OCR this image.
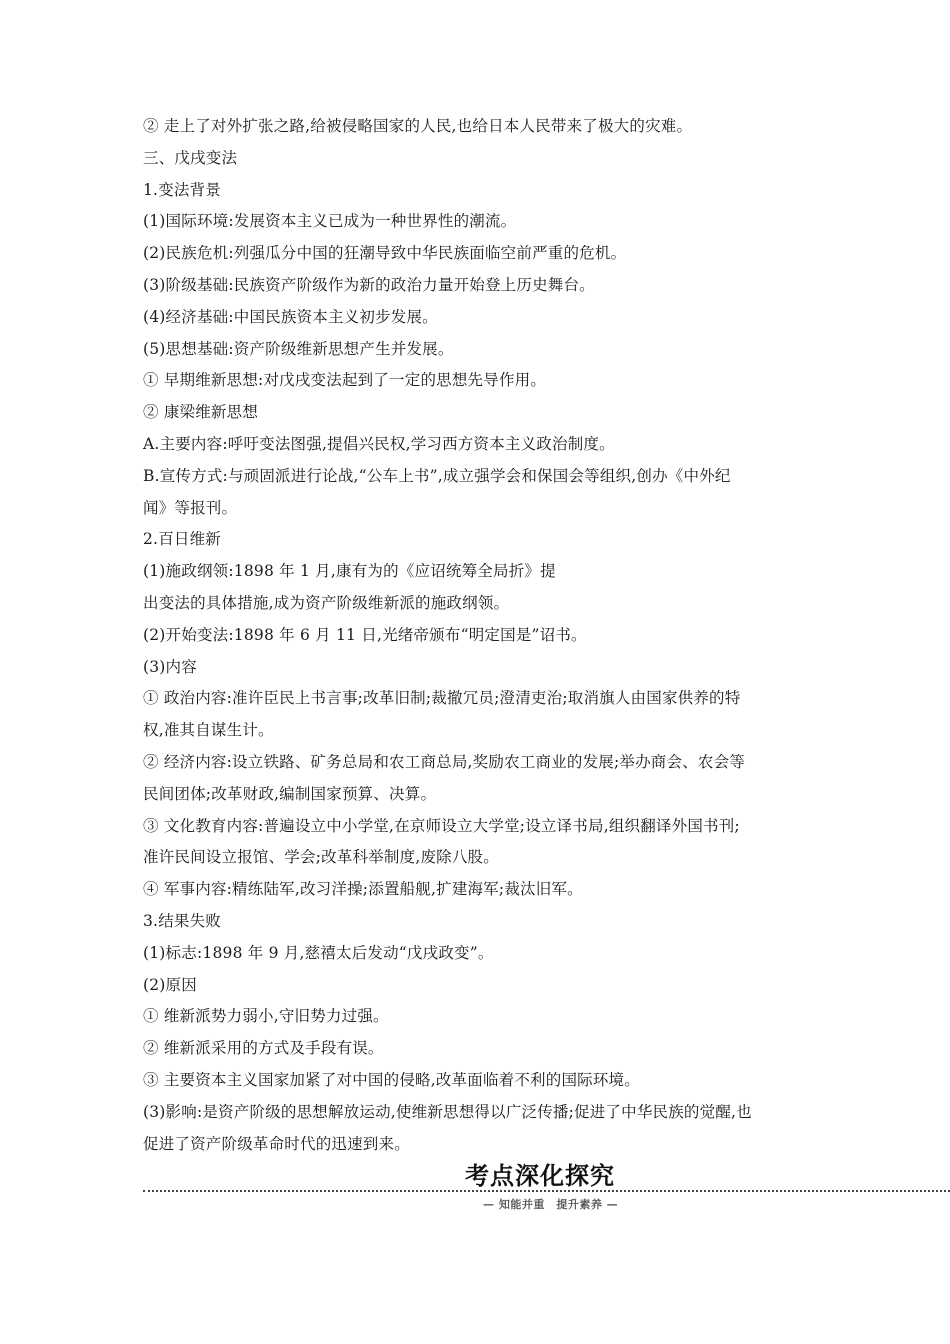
② 走上了对外扩张之路,给被侵略国家的人民,也给日本人民带来了极大的灾难。
三、戊戌变法
1.变法背景
(1)国际环境:发展资本主义已成为一种世界性的潮流。
(2)民族危机:列强瓜分中国的狂潮导致中华民族面临空前严重的危机。
(3)阶级基础:民族资产阶级作为新的政治力量开始登上历史舞台。
(4)经济基础:中国民族资本主义初步发展。
(5)思想基础:资产阶级维新思想产生并发展。
① 早期维新思想:对戊戌变法起到了一定的思想先导作用。
② 康梁维新思想
A.主要内容:呼吁变法图强,提倡兴民权,学习西方资本主义政治制度。
B.宣传方式:与顽固派进行论战,“公车上书”,成立强学会和保国会等组织,创办《中外纪
闻》等报刊。
2.百日维新
(1)施政纲领:1898 年 1 月,康有为的《应诏统筹全局折》提
出变法的具体措施,成为资产阶级维新派的施政纲领。
(2)开始变法:1898 年 6 月 11 日,光绪帝颁布“明定国是”诏书。
(3)内容
① 政治内容:准许臣民上书言事;改革旧制;裁撤冗员;澄清吏治;取消旗人由国家供养的特
权,准其自谋生计。
② 经济内容:设立铁路、矿务总局和农工商总局,奖励农工商业的发展;举办商会、农会等
民间团体;改革财政,编制国家预算、决算。
③ 文化教育内容:普遍设立中小学堂,在京师设立大学堂;设立译书局,组织翻译外国书刊;
准许民间设立报馆、学会;改革科举制度,废除八股。
④ 军事内容:精练陆军,改习洋操;添置船舰,扩建海军;裁汰旧军。
3.结果失败
(1)标志:1898 年 9 月,慈禧太后发动“戊戌政变”。
(2)原因
① 维新派势力弱小,守旧势力过强。
② 维新派采用的方式及手段有误。
③ 主要资本主义国家加紧了对中国的侵略,改革面临着不利的国际环境。
(3)影响:是资产阶级的思想解放运动,使维新思想得以广泛传播;促进了中华民族的觉醒,也
促进了资产阶级革命时代的迅速到来。
考点深化探究
— 知能并重　提升素养 —
